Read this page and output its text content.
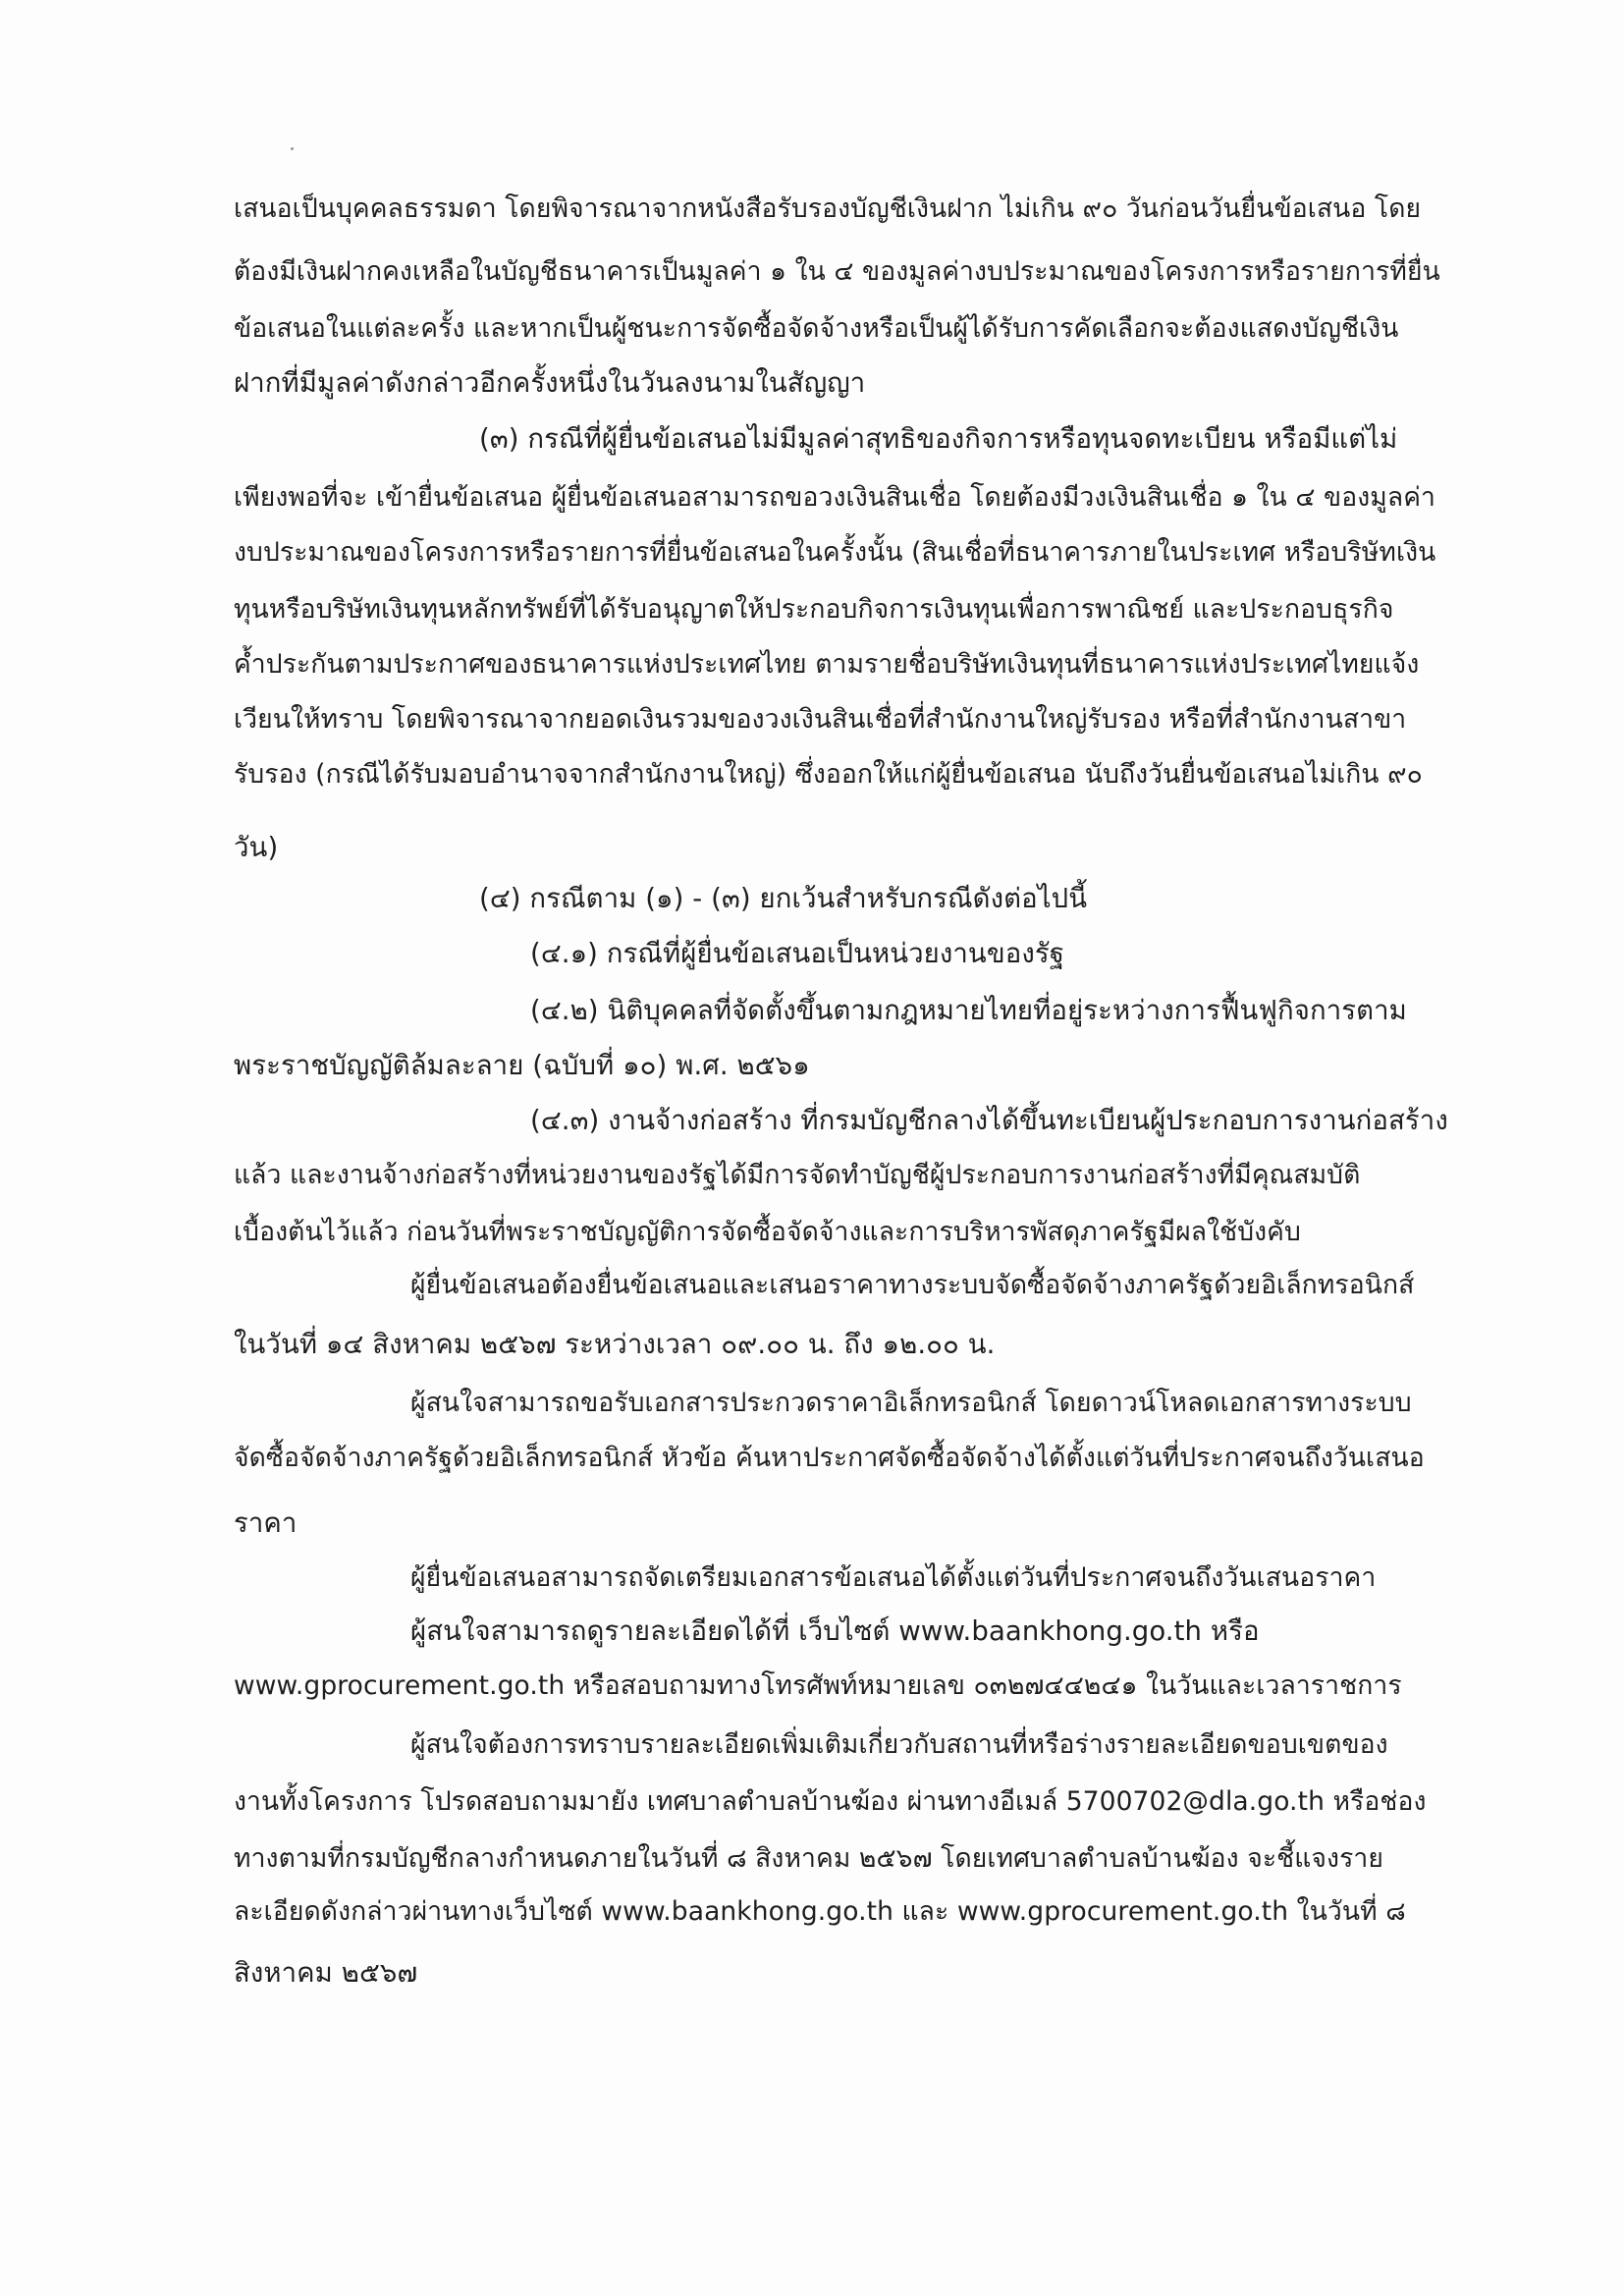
เสนอเป็นบุคคลธรรมดา โดยพิจารณาจากหนังสือรับรองบัญชีเงินฝาก ไม่เกิน ๙๐ วันก่อนวันยื่นข้อเสนอ โดย
ต้องมีเงินฝากคงเหลือในบัญชีธนาคารเป็นมูลค่า ๑ ใน ๔ ของมูลค่างบประมาณของโครงการหรือรายการที่ยื่น
ข้อเสนอในแต่ละครั้ง และหากเป็นผู้ชนะการจัดซื้อจัดจ้างหรือเป็นผู้ได้รับการคัดเลือกจะต้องแสดงบัญชีเงิน
ฝากที่มีมูลค่าดังกล่าวอีกครั้งหนึ่งในวันลงนามในสัญญา
(๓) กรณีที่ผู้ยื่นข้อเสนอไม่มีมูลค่าสุทธิของกิจการหรือทุนจดทะเบียน หรือมีแต่ไม่
เพียงพอที่จะ เข้ายื่นข้อเสนอ ผู้ยื่นข้อเสนอสามารถขอวงเงินสินเชื่อ โดยต้องมีวงเงินสินเชื่อ ๑ ใน ๔ ของมูลค่า
งบประมาณของโครงการหรือรายการที่ยื่นข้อเสนอในครั้งนั้น (สินเชื่อที่ธนาคารภายในประเทศ หรือบริษัทเงิน
ทุนหรือบริษัทเงินทุนหลักทรัพย์ที่ได้รับอนุญาตให้ประกอบกิจการเงินทุนเพื่อการพาณิชย์ และประกอบธุรกิจ
ค้ำประกันตามประกาศของธนาคารแห่งประเทศไทย ตามรายชื่อบริษัทเงินทุนที่ธนาคารแห่งประเทศไทยแจ้ง
เวียนให้ทราบ โดยพิจารณาจากยอดเงินรวมของวงเงินสินเชื่อที่สำนักงานใหญ่รับรอง หรือที่สำนักงานสาขา
รับรอง (กรณีได้รับมอบอำนาจจากสำนักงานใหญ่) ซึ่งออกให้แก่ผู้ยื่นข้อเสนอ นับถึงวันยื่นข้อเสนอไม่เกิน ๙๐
วัน)
(๔) กรณีตาม (๑) - (๓) ยกเว้นสำหรับกรณีดังต่อไปนี้
(๔.๑) กรณีที่ผู้ยื่นข้อเสนอเป็นหน่วยงานของรัฐ
(๔.๒) นิติบุคคลที่จัดตั้งขึ้นตามกฎหมายไทยที่อยู่ระหว่างการฟื้นฟูกิจการตาม
พระราชบัญญัติล้มละลาย (ฉบับที่ ๑๐) พ.ศ. ๒๕๖๑
(๔.๓) งานจ้างก่อสร้าง ที่กรมบัญชีกลางได้ขึ้นทะเบียนผู้ประกอบการงานก่อสร้าง
แล้ว และงานจ้างก่อสร้างที่หน่วยงานของรัฐได้มีการจัดทำบัญชีผู้ประกอบการงานก่อสร้างที่มีคุณสมบัติ
เบื้องต้นไว้แล้ว ก่อนวันที่พระราชบัญญัติการจัดซื้อจัดจ้างและการบริหารพัสดุภาครัฐมีผลใช้บังคับ
ผู้ยื่นข้อเสนอต้องยื่นข้อเสนอและเสนอราคาทางระบบจัดซื้อจัดจ้างภาครัฐด้วยอิเล็กทรอนิกส์
ในวันที่ ๑๔ สิงหาคม ๒๕๖๗ ระหว่างเวลา ๐๙.๐๐ น. ถึง ๑๒.๐๐ น.
ผู้สนใจสามารถขอรับเอกสารประกวดราคาอิเล็กทรอนิกส์ โดยดาวน์โหลดเอกสารทางระบบ
จัดซื้อจัดจ้างภาครัฐด้วยอิเล็กทรอนิกส์ หัวข้อ ค้นหาประกาศจัดซื้อจัดจ้างได้ตั้งแต่วันที่ประกาศจนถึงวันเสนอ
ราคา
ผู้ยื่นข้อเสนอสามารถจัดเตรียมเอกสารข้อเสนอได้ตั้งแต่วันที่ประกาศจนถึงวันเสนอราคา
ผู้สนใจสามารถดูรายละเอียดได้ที่ เว็บไซต์ www.baankhong.go.th หรือ
www.gprocurement.go.th หรือสอบถามทางโทรศัพท์หมายเลข ๐๓๒๗๔๔๒๔๑ ในวันและเวลาราชการ
ผู้สนใจต้องการทราบรายละเอียดเพิ่มเติมเกี่ยวกับสถานที่หรือร่างรายละเอียดขอบเขตของ
งานทั้งโครงการ โปรดสอบถามมายัง เทศบาลตำบลบ้านฆ้อง ผ่านทางอีเมล์ 5700702@dla.go.th หรือช่อง
ทางตามที่กรมบัญชีกลางกำหนดภายในวันที่ ๘ สิงหาคม ๒๕๖๗ โดยเทศบาลตำบลบ้านฆ้อง จะชี้แจงราย
ละเอียดดังกล่าวผ่านทางเว็บไซต์ www.baankhong.go.th และ www.gprocurement.go.th ในวันที่ ๘
สิงหาคม ๒๕๖๗
